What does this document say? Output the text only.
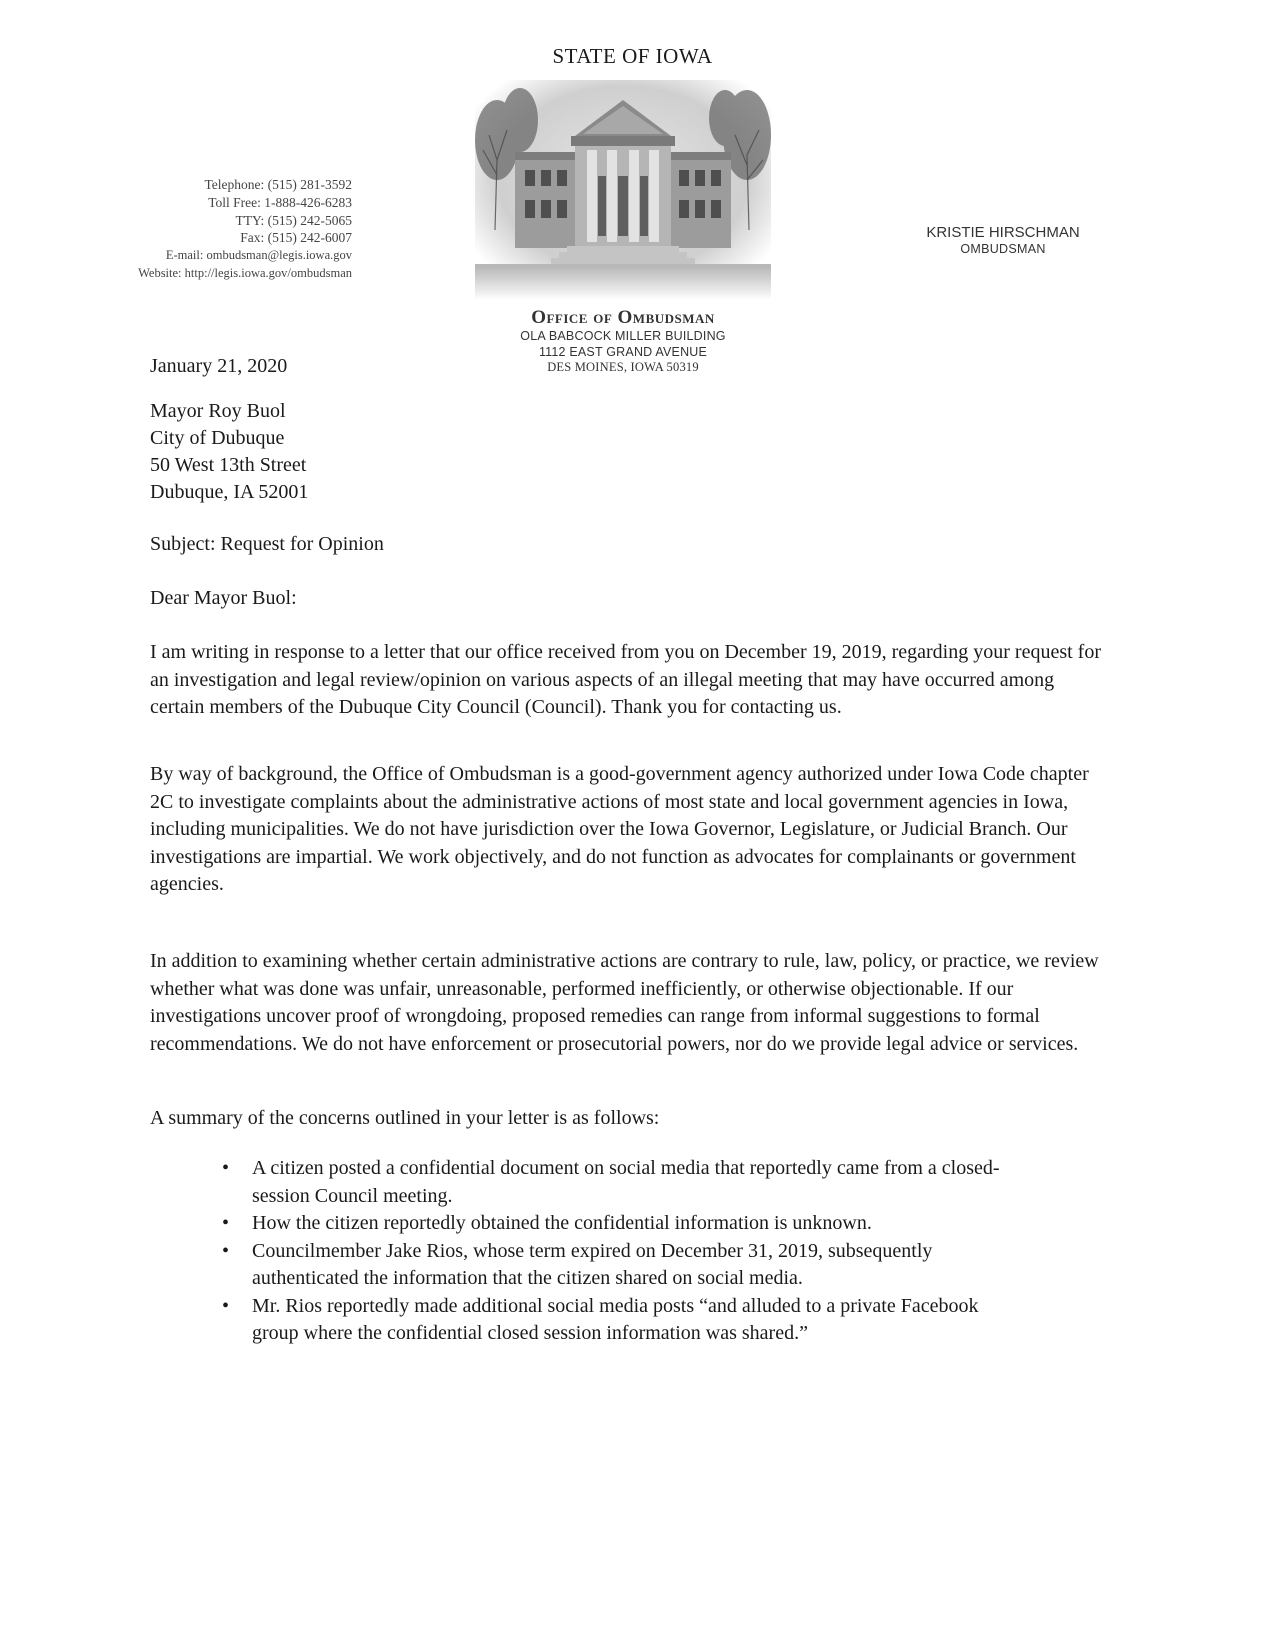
STATE OF IOWA
Telephone: (515) 281-3592
Toll Free: 1-888-426-6283
TTY: (515) 242-5065
Fax: (515) 242-6007
E-mail: ombudsman@legis.iowa.gov
Website: http://legis.iowa.gov/ombudsman
KRISTIE HIRSCHMAN
OMBUDSMAN
Office of Ombudsman
OLA BABCOCK MILLER BUILDING
1112 EAST GRAND AVENUE
DES MOINES, IOWA 50319
January 21, 2020
Mayor Roy Buol
City of Dubuque
50 West 13th Street
Dubuque, IA 52001
Subject: Request for Opinion
Dear Mayor Buol:
I am writing in response to a letter that our office received from you on December 19, 2019, regarding your request for an investigation and legal review/opinion on various aspects of an illegal meeting that may have occurred among certain members of the Dubuque City Council (Council). Thank you for contacting us.
By way of background, the Office of Ombudsman is a good-government agency authorized under Iowa Code chapter 2C to investigate complaints about the administrative actions of most state and local government agencies in Iowa, including municipalities. We do not have jurisdiction over the Iowa Governor, Legislature, or Judicial Branch. Our investigations are impartial. We work objectively, and do not function as advocates for complainants or government agencies.
In addition to examining whether certain administrative actions are contrary to rule, law, policy, or practice, we review whether what was done was unfair, unreasonable, performed inefficiently, or otherwise objectionable. If our investigations uncover proof of wrongdoing, proposed remedies can range from informal suggestions to formal recommendations. We do not have enforcement or prosecutorial powers, nor do we provide legal advice or services.
A summary of the concerns outlined in your letter is as follows:
• A citizen posted a confidential document on social media that reportedly came from a closed-session Council meeting.
• How the citizen reportedly obtained the confidential information is unknown.
• Councilmember Jake Rios, whose term expired on December 31, 2019, subsequently authenticated the information that the citizen shared on social media.
• Mr. Rios reportedly made additional social media posts “and alluded to a private Facebook group where the confidential closed session information was shared.”
